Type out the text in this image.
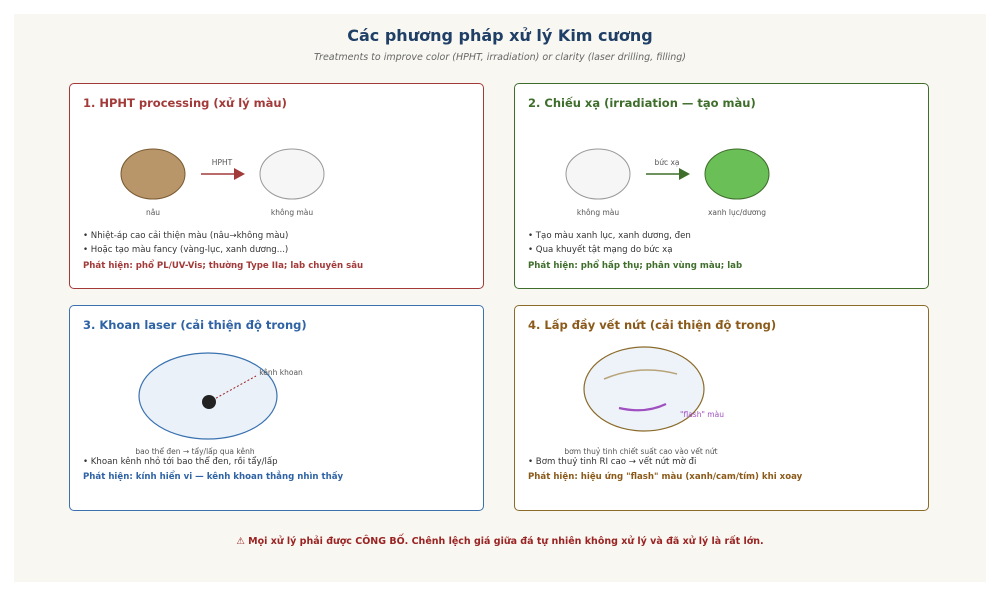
Các phương pháp xử lý Kim cương
Treatments to improve color (HPHT, irradiation) or clarity (laser drilling, filling)
1. HPHT processing (xử lý màu)
HPHT
nâu	không màu
• Nhiệt-áp cao cải thiện màu (nâu→không màu)
• Hoặc tạo màu fancy (vàng-lục, xanh dương...)
Phát hiện: phổ PL/UV-Vis; thường Type IIa; lab chuyên sâu
2. Chiếu xạ (irradiation — tạo màu)
bức xạ
không màu	xanh lục/dương
• Tạo màu xanh lục, xanh dương, đen
• Qua khuyết tật mạng do bức xạ
Phát hiện: phổ hấp thụ; phân vùng màu; lab
3. Khoan laser (cải thiện độ trong)
kênh khoan
bao thể đen → tẩy/lấp qua kênh
• Khoan kênh nhỏ tới bao thể đen, rồi tẩy/lấp
Phát hiện: kính hiển vi — kênh khoan thẳng nhìn thấy
4. Lấp đầy vết nứt (cải thiện độ trong)
"flash" màu
bơm thuỷ tinh chiết suất cao vào vết nứt
• Bơm thuỷ tinh RI cao → vết nứt mờ đi
Phát hiện: hiệu ứng "flash" màu (xanh/cam/tím) khi xoay
⚠ Mọi xử lý phải được CÔNG BỐ. Chênh lệch giá giữa đá tự nhiên không xử lý và đã xử lý là rất lớn.
